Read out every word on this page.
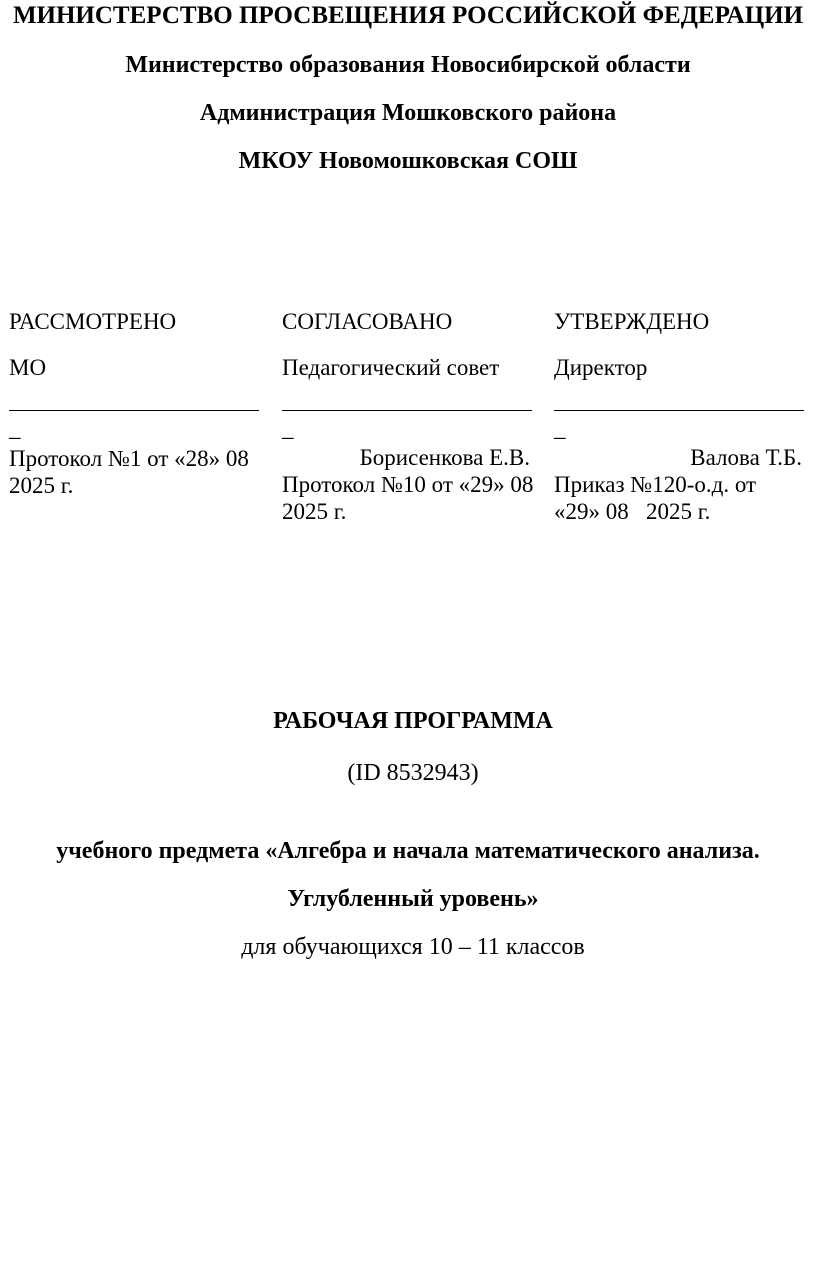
МИНИСТЕРСТВО ПРОСВЕЩЕНИЯ РОССИЙСКОЙ ФЕДЕРАЦИИ
Министерство образования Новосибирской области
Администрация Мошковского района
МКОУ Новомошковская СОШ
РАССМОТРЕНО
МО
_
Протокол №1 от «28» 08 2025 г.
СОГЛАСОВАНО
Педагогический совет
_
Борисенкова Е.В.
Протокол №10 от «29» 08 2025 г.
УТВЕРЖДЕНО
Директор
_
Валова Т.Б.
Приказ №120-о.д. от «29» 08   2025 г.
РАБОЧАЯ ПРОГРАММА
(ID 8532943)
учебного предмета «Алгебра и начала математического анализа.
Углубленный уровень»
для обучающихся 10 – 11 классов
